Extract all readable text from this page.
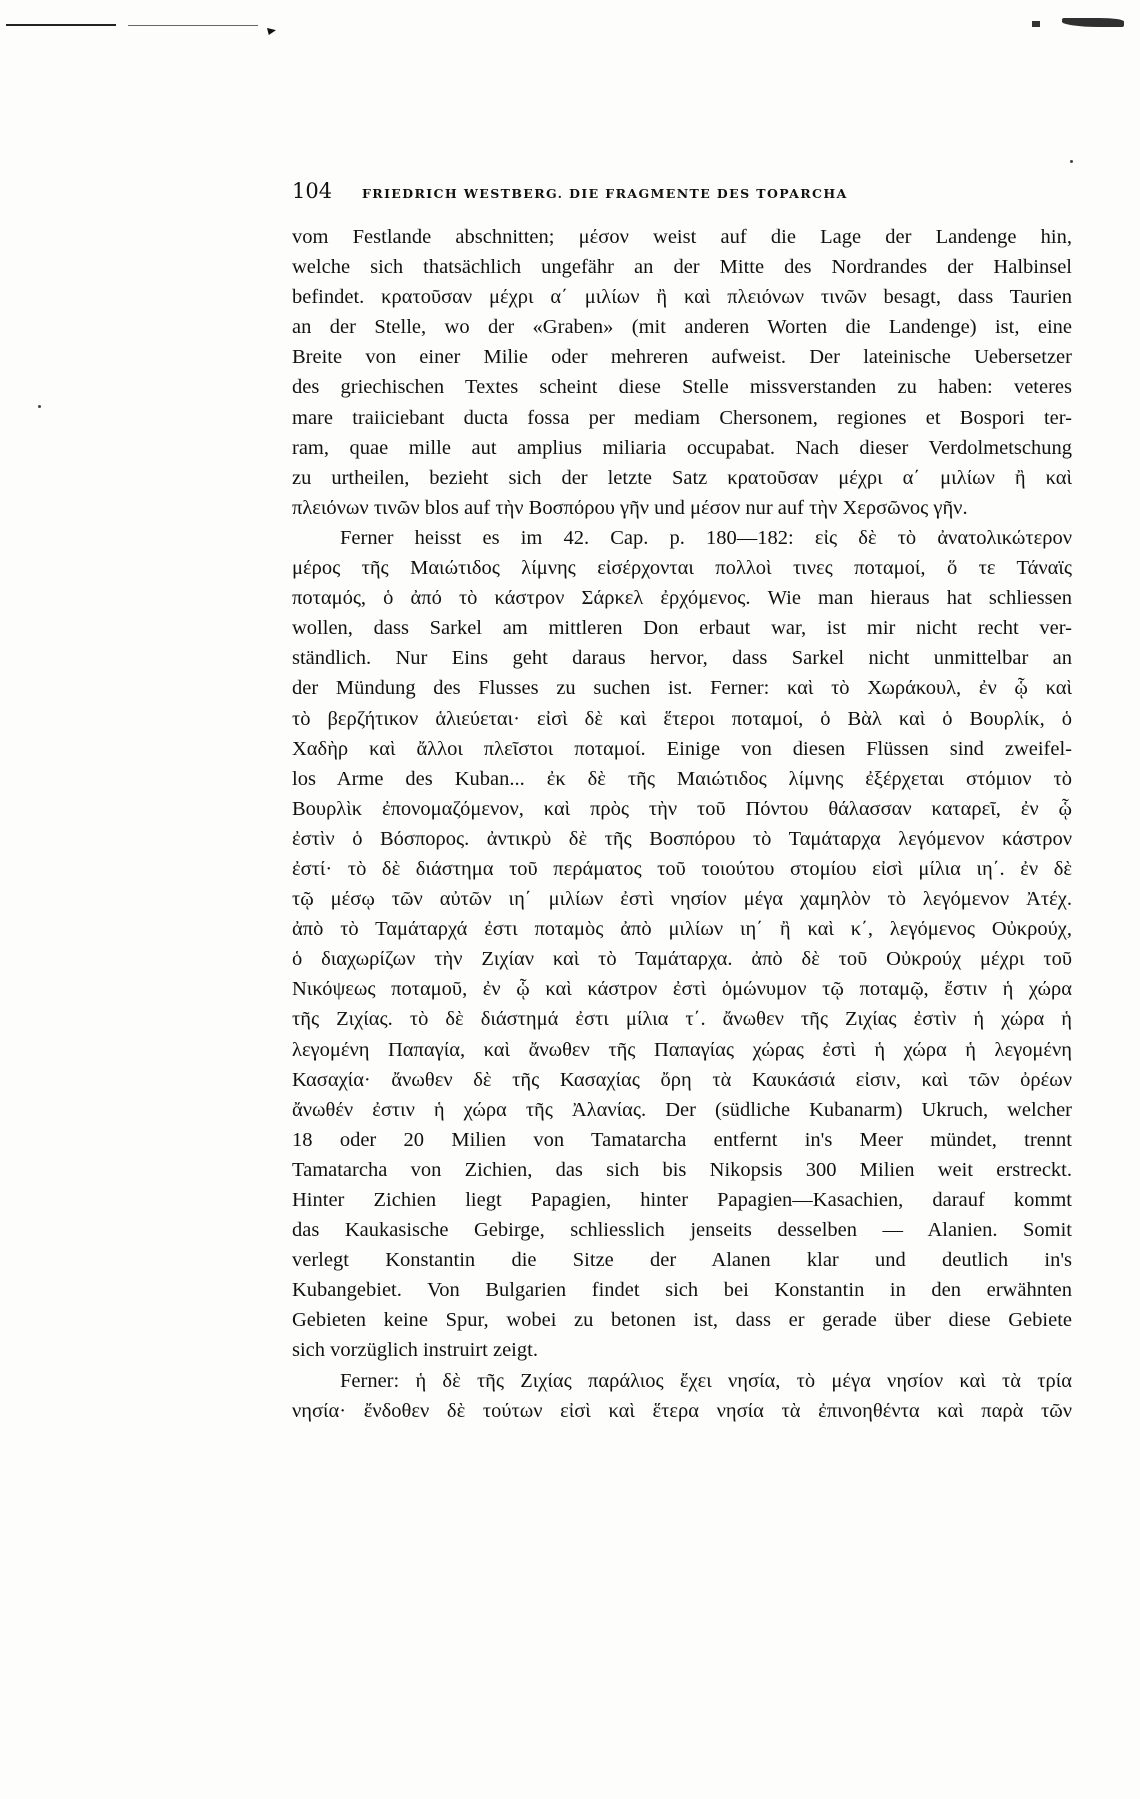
104 FRIEDRICH WESTBERG. DIE FRAGMENTE DES TOPARCHA
vom Festlande abschnitten; μέσον weist auf die Lage der Landenge hin,
welche sich thatsächlich ungefähr an der Mitte des Nordrandes der Halbinsel
befindet. κρατοῦσαν μέχρι α΄ μιλίων ἢ καὶ πλειόνων τινῶν besagt, dass Taurien
an der Stelle, wo der «Graben» (mit anderen Worten die Landenge) ist, eine
Breite von einer Milie oder mehreren aufweist. Der lateinische Uebersetzer
des griechischen Textes scheint diese Stelle missverstanden zu haben: veteres
mare traiiciebant ducta fossa per mediam Chersonem, regiones et Bospori ter-
ram, quae mille aut amplius miliaria occupabat. Nach dieser Verdolmetschung
zu urtheilen, bezieht sich der letzte Satz κρατοῦσαν μέχρι α΄ μιλίων ἢ καὶ
πλειόνων τινῶν blos auf τὴν Βοσπόρου γῆν und μέσον nur auf τὴν Χερσῶνος γῆν.
Ferner heisst es im 42. Cap. p. 180—182: εἰς δὲ τὸ ἀνατολικώτερον
μέρος τῆς Μαιώτιδος λίμνης εἰσέρχονται πολλοὶ τινες ποταμοί, ὅ τε Τάναϊς
ποταμός, ὁ ἀπό τὸ κάστρον Σάρκελ ἐρχόμενος. Wie man hieraus hat schliessen
wollen, dass Sarkel am mittleren Don erbaut war, ist mir nicht recht ver-
ständlich. Nur Eins geht daraus hervor, dass Sarkel nicht unmittelbar an
der Mündung des Flusses zu suchen ist. Ferner: καὶ τὸ Χωράκουλ, ἐν ᾧ καὶ
τὸ βερζήτικον ἁλιεύεται· εἰσὶ δὲ καὶ ἕτεροι ποταμοί, ὁ Βὰλ καὶ ὁ Βουρλίκ, ὁ
Χαδὴρ καὶ ἄλλοι πλεῖστοι ποταμοί. Einige von diesen Flüssen sind zweifel-
los Arme des Kuban... ἐκ δὲ τῆς Μαιώτιδος λίμνης ἐξέρχεται στόμιον τὸ
Βουρλὶκ ἐπονομαζόμενον, καὶ πρὸς τὴν τοῦ Πόντου θάλασσαν καταρεῖ, ἐν ᾧ
ἐστὶν ὁ Βόσπορος. ἀντικρὺ δὲ τῆς Βοσπόρου τὸ Ταμάταρχα λεγόμενον κάστρον
ἐστί· τὸ δὲ διάστημα τοῦ περάματος τοῦ τοιούτου στομίου εἰσὶ μίλια ιη΄. ἐν δὲ
τῷ μέσῳ τῶν αὐτῶν ιη΄ μιλίων ἐστὶ νησίον μέγα χαμηλὸν τὸ λεγόμενον Ἀτέχ.
ἀπὸ τὸ Ταμάταρχά ἐστι ποταμὸς ἀπὸ μιλίων ιη΄ ἢ καὶ κ΄, λεγόμενος Οὐκρούχ,
ὁ διαχωρίζων τὴν Ζιχίαν καὶ τὸ Ταμάταρχα. ἀπὸ δὲ τοῦ Οὐκρούχ μέχρι τοῦ
Νικόψεως ποταμοῦ, ἐν ᾧ καὶ κάστρον ἐστὶ ὁμώνυμον τῷ ποταμῷ, ἔστιν ἡ χώρα
τῆς Ζιχίας. τὸ δὲ διάστημά ἐστι μίλια τ΄. ἄνωθεν τῆς Ζιχίας ἐστὶν ἡ χώρα ἡ
λεγομένη Παπαγία, καὶ ἄνωθεν τῆς Παπαγίας χώρας ἐστὶ ἡ χώρα ἡ λεγομένη
Κασαχία· ἄνωθεν δὲ τῆς Κασαχίας ὄρη τὰ Καυκάσιά εἰσιν, καὶ τῶν ὀρέων
ἄνωθέν ἐστιν ἡ χώρα τῆς Ἀλανίας. Der (südliche Kubanarm) Ukruch, welcher
18 oder 20 Milien von Tamatarcha entfernt in's Meer mündet, trennt
Tamatarcha von Zichien, das sich bis Nikopsis 300 Milien weit erstreckt.
Hinter Zichien liegt Papagien, hinter Papagien—Kasachien, darauf kommt
das Kaukasische Gebirge, schliesslich jenseits desselben — Alanien. Somit
verlegt Konstantin die Sitze der Alanen klar und deutlich in's
Kubangebiet. Von Bulgarien findet sich bei Konstantin in den erwähnten
Gebieten keine Spur, wobei zu betonen ist, dass er gerade über diese Gebiete
sich vorzüglich instruirt zeigt.
Ferner: ἡ δὲ τῆς Ζιχίας παράλιος ἔχει νησία, τὸ μέγα νησίον καὶ τὰ τρία
νησία· ἔνδοθεν δὲ τούτων εἰσὶ καὶ ἕτερα νησία τὰ ἐπινοηθέντα καὶ παρὰ τῶν
